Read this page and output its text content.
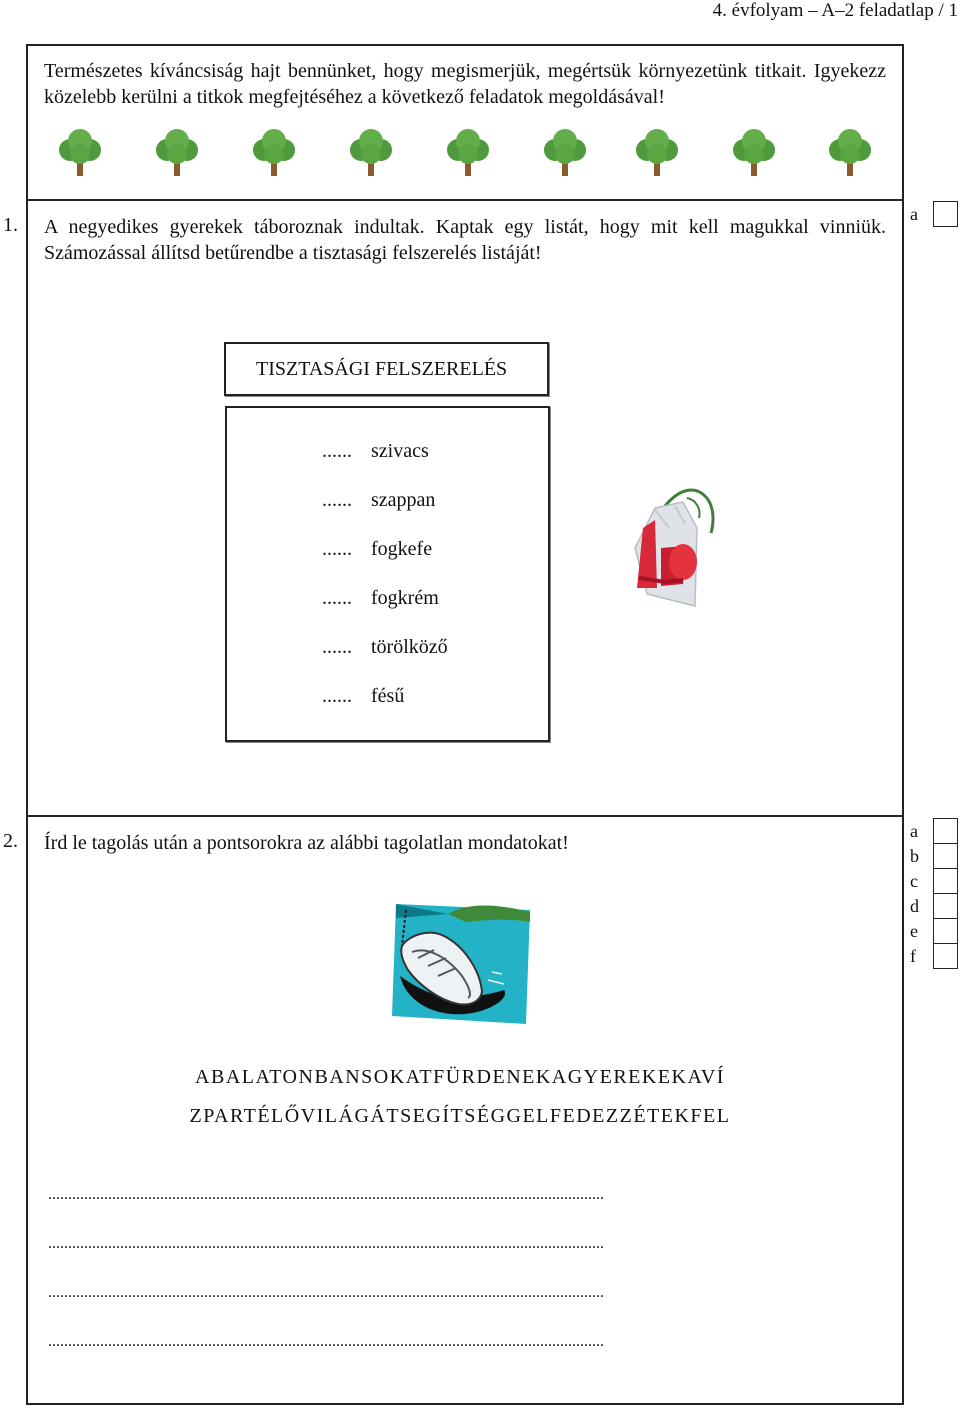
4. évfolyam – A–2 feladatlap / 1
Természetes kíváncsiság hajt bennünket, hogy megismerjük, megértsük környezetünk titkait. Igyekezz közelebb kerülni a titkok megfejtéséhez a következő feladatok megoldásával!
1. A negyedikes gyerekek táboroznak indultak. Kaptak egy listát, hogy mit kell magukkal vinniük. Számozással állítsd betűrendbe a tisztasági felszerelés listáját!
a	
TISZTASÁGI FELSZERELÉS
...... szivacs
...... szappan
...... fogkefe
...... fogkrém
...... törölköző
...... fésű
2. Írd le tagolás után a pontsorokra az alábbi tagolatlan mondatokat!
a	
b	
c	
d	
e	
f	
ABALATONBANSOKATFÜRDENEKAGYEREKEKAVÍ
ZPARTÉLŐVILÁGÁTSEGÍTSÉGGELFEDEZZÉTEKFEL
...........................................................................................................................................
...........................................................................................................................................
...........................................................................................................................................
...........................................................................................................................................
